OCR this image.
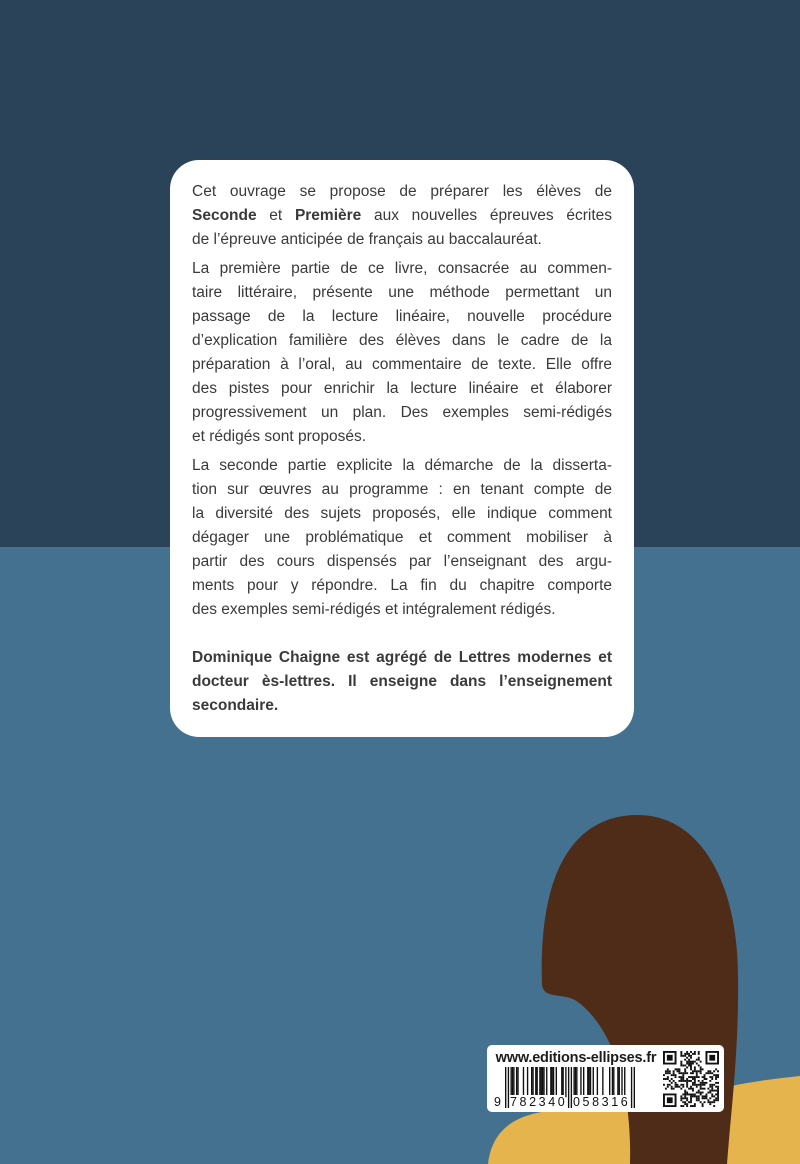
Cet ouvrage se propose de préparer les élèves de
Seconde et Première aux nouvelles épreuves écrites
de l’épreuve anticipée de français au baccalauréat.
La première partie de ce livre, consacrée au commen-
taire littéraire, présente une méthode permettant un
passage de la lecture linéaire, nouvelle procédure
d’explication familière des élèves dans le cadre de la
préparation à l’oral, au commentaire de texte. Elle offre
des pistes pour enrichir la lecture linéaire et élaborer
progressivement un plan. Des exemples semi-rédigés
et rédigés sont proposés.
La seconde partie explicite la démarche de la disserta-
tion sur œuvres au programme : en tenant compte de
la diversité des sujets proposés, elle indique comment
dégager une problématique et comment mobiliser à
partir des cours dispensés par l’enseignant des argu-
ments pour y répondre. La fin du chapitre comporte
des exemples semi-rédigés et intégralement rédigés.
Dominique Chaigne est agrégé de Lettres modernes et
docteur ès-lettres. Il enseigne dans l’enseignement
secondaire.
www.editions-ellipses.fr
9 782340 058316
